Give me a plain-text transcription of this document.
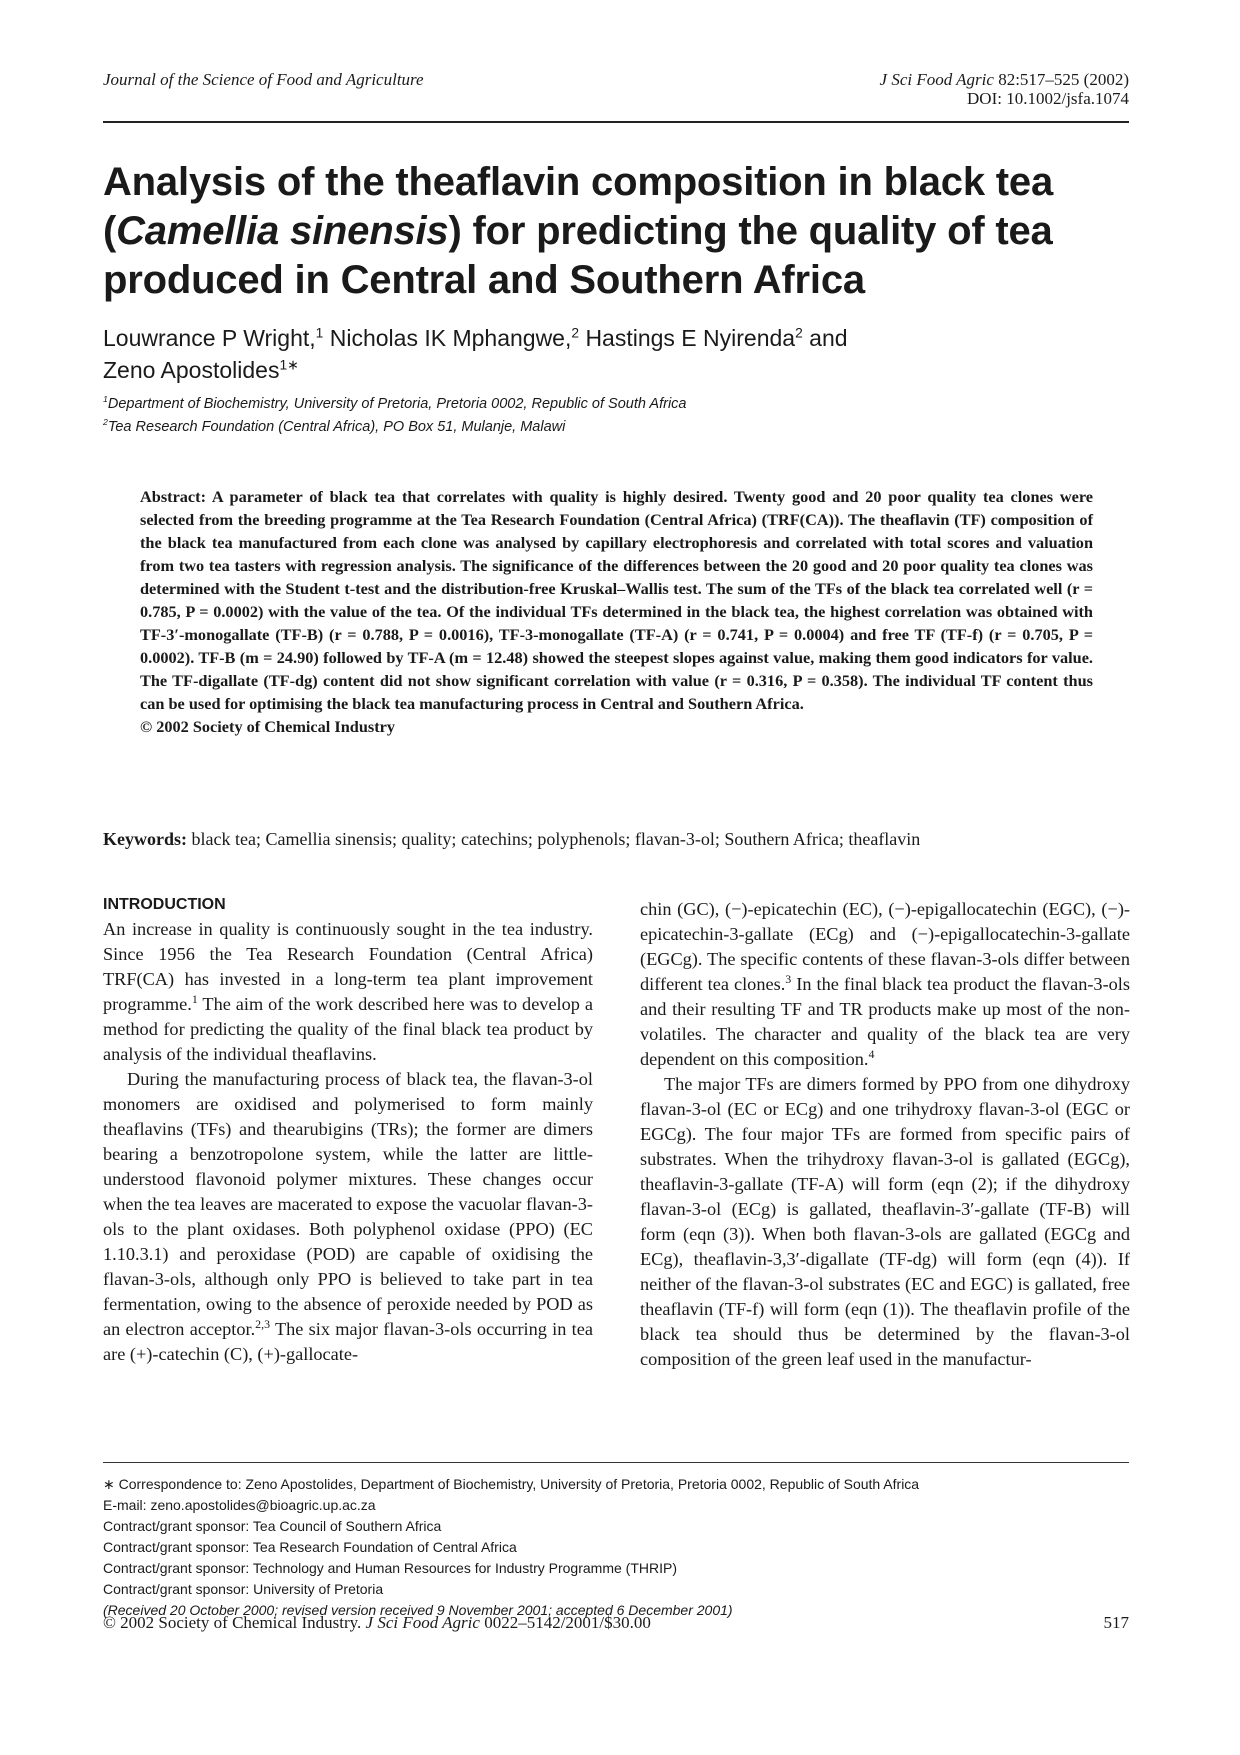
Journal of the Science of Food and Agriculture	J Sci Food Agric 82:517–525 (2002)
DOI: 10.1002/jsfa.1074
Analysis of the theaflavin composition in black tea (Camellia sinensis) for predicting the quality of tea produced in Central and Southern Africa
Louwrance P Wright,$^1$ Nicholas IK Mphangwe,$^2$ Hastings E Nyirenda$^2$ and
Zeno Apostolides$^{1∗}$
$^1$Department of Biochemistry, University of Pretoria, Pretoria 0002, Republic of South Africa
$^2$Tea Research Foundation (Central Africa), PO Box 51, Mulanje, Malawi
Abstract: A parameter of black tea that correlates with quality is highly desired. Twenty good and 20 poor quality tea clones were selected from the breeding programme at the Tea Research Foundation (Central Africa) (TRF(CA)). The theaflavin (TF) composition of the black tea manufactured from each clone was analysed by capillary electrophoresis and correlated with total scores and valuation from two tea tasters with regression analysis. The significance of the differences between the 20 good and 20 poor quality tea clones was determined with the Student t-test and the distribution-free Kruskal–Wallis test. The sum of the TFs of the black tea correlated well (r = 0.785, P = 0.0002) with the value of the tea. Of the individual TFs determined in the black tea, the highest correlation was obtained with TF-3′-monogallate (TF-B) (r = 0.788, P = 0.0016), TF-3-monogallate (TF-A) (r = 0.741, P = 0.0004) and free TF (TF-f) (r = 0.705, P = 0.0002). TF-B (m = 24.90) followed by TF-A (m = 12.48) showed the steepest slopes against value, making them good indicators for value. The TF-digallate (TF-dg) content did not show significant correlation with value (r = 0.316, P = 0.358). The individual TF content thus can be used for optimising the black tea manufacturing process in Central and Southern Africa.
© 2002 Society of Chemical Industry
Keywords: black tea; Camellia sinensis; quality; catechins; polyphenols; flavan-3-ol; Southern Africa; theaflavin
INTRODUCTION

An increase in quality is continuously sought in the tea industry. Since 1956 the Tea Research Foundation (Central Africa) TRF(CA) has invested in a long-term tea plant improvement programme.$^1$ The aim of the work described here was to develop a method for predicting the quality of the final black tea product by analysis of the individual theaflavins.

During the manufacturing process of black tea, the flavan-3-ol monomers are oxidised and polymerised to form mainly theaflavins (TFs) and thearubigins (TRs); the former are dimers bearing a benzotropolone system, while the latter are little-understood flavonoid polymer mixtures. These changes occur when the tea leaves are macerated to expose the vacuolar flavan-3-ols to the plant oxidases. Both polyphenol oxidase (PPO) (EC 1.10.3.1) and peroxidase (POD) are capable of oxidising the flavan-3-ols, although only PPO is believed to take part in tea fermentation, owing to the absence of peroxide needed by POD as an electron acceptor.$^{2,3}$ The six major flavan-3-ols occurring in tea are (+)-catechin (C), (+)-gallocate-

chin (GC), (−)-epicatechin (EC), (−)-epigallocatechin (EGC), (−)-epicatechin-3-gallate (ECg) and (−)-epigallocatechin-3-gallate (EGCg). The specific contents of these flavan-3-ols differ between different tea clones.$^3$ In the final black tea product the flavan-3-ols and their resulting TF and TR products make up most of the non-volatiles. The character and quality of the black tea are very dependent on this composition.$^4$

The major TFs are dimers formed by PPO from one dihydroxy flavan-3-ol (EC or ECg) and one trihydroxy flavan-3-ol (EGC or EGCg). The four major TFs are formed from specific pairs of substrates. When the trihydroxy flavan-3-ol is gallated (EGCg), theaflavin-3-gallate (TF-A) will form (eqn (2); if the dihydroxy flavan-3-ol (ECg) is gallated, theaflavin-3′-gallate (TF-B) will form (eqn (3)). When both flavan-3-ols are gallated (EGCg and ECg), theaflavin-3,3′-digallate (TF-dg) will form (eqn (4)). If neither of the flavan-3-ol substrates (EC and EGC) is gallated, free theaflavin (TF-f) will form (eqn (1)). The theaflavin profile of the black tea should thus be determined by the flavan-3-ol composition of the green leaf used in the manufactur-

∗ Correspondence to: Zeno Apostolides, Department of Biochemistry, University of Pretoria, Pretoria 0002, Republic of South Africa
E-mail: zeno.apostolides@bioagric.up.ac.za
Contract/grant sponsor: Tea Council of Southern Africa
Contract/grant sponsor: Tea Research Foundation of Central Africa
Contract/grant sponsor: Technology and Human Resources for Industry Programme (THRIP)
Contract/grant sponsor: University of Pretoria
(Received 20 October 2000; revised version received 9 November 2001; accepted 6 December 2001)
© 2002 Society of Chemical Industry. J Sci Food Agric 0022–5142/2001/$30.00	517
